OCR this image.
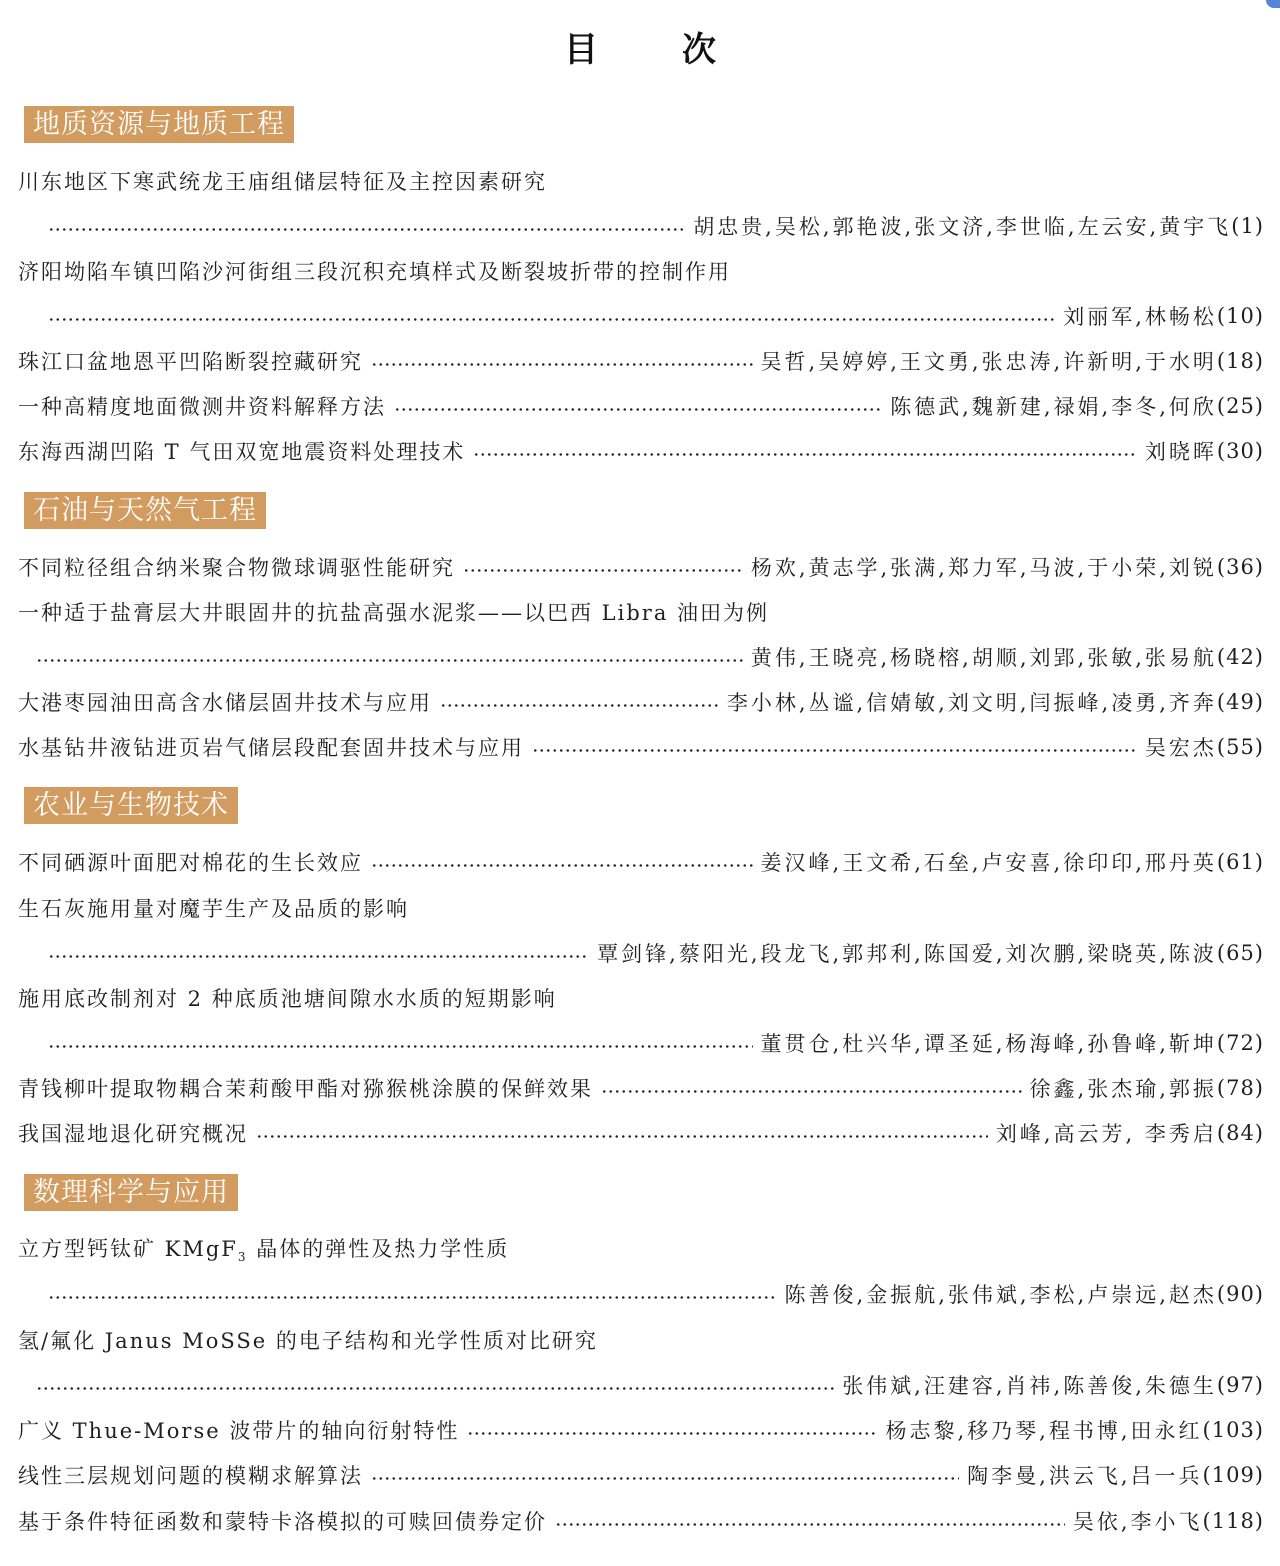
目次
地质资源与地质工程
川东地区下寒武统龙王庙组储层特征及主控因素研究
胡忠贵,吴松,郭艳波,张文济,李世临,左云安,黄宇飞 (1)
济阳坳陷车镇凹陷沙河街组三段沉积充填样式及断裂坡折带的控制作用
刘丽军,林畅松 (10)
珠江口盆地恩平凹陷断裂控藏研究	吴哲,吴婷婷,王文勇,张忠涛,许新明,于水明 (18)
一种高精度地面微测井资料解释方法	陈德武,魏新建,禄娟,李冬,何欣 (25)
东海西湖凹陷 T 气田双宽地震资料处理技术	刘晓晖 (30)
石油与天然气工程
不同粒径组合纳米聚合物微球调驱性能研究	杨欢,黄志学,张满,郑力军,马波,于小荣,刘锐 (36)
一种适于盐膏层大井眼固井的抗盐高强水泥浆——以巴西 Libra 油田为例
黄伟,王晓亮,杨晓榕,胡顺,刘郢,张敏,张易航 (42)
大港枣园油田高含水储层固井技术与应用	李小林,丛谧,信婧敏,刘文明,闫振峰,凌勇,齐奔 (49)
水基钻井液钻进页岩气储层段配套固井技术与应用	吴宏杰 (55)
农业与生物技术
不同硒源叶面肥对棉花的生长效应	姜汉峰,王文希,石垒,卢安喜,徐印印,邢丹英 (61)
生石灰施用量对魔芋生产及品质的影响
覃剑锋,蔡阳光,段龙飞,郭邦利,陈国爱,刘次鹏,梁晓英,陈波 (65)
施用底改制剂对 2 种底质池塘间隙水水质的短期影响
董贯仓,杜兴华,谭圣延,杨海峰,孙鲁峰,靳坤 (72)
青钱柳叶提取物耦合茉莉酸甲酯对猕猴桃涂膜的保鲜效果	徐鑫,张杰瑜,郭振 (78)
我国湿地退化研究概况	刘峰,高云芳, 李秀启 (84)
数理科学与应用
立方型钙钛矿 KMgF$_3$ 晶体的弹性及热力学性质
陈善俊,金振航,张伟斌,李松,卢崇远,赵杰 (90)
氢/氟化 Janus MoSSe 的电子结构和光学性质对比研究
张伟斌,汪建容,肖祎,陈善俊,朱德生 (97)
广义 Thue-Morse 波带片的轴向衍射特性	杨志黎,移乃琴,程书博,田永红 (103)
线性三层规划问题的模糊求解算法	陶李曼,洪云飞,吕一兵 (109)
基于条件特征函数和蒙特卡洛模拟的可赎回债券定价	吴依,李小飞 (118)
